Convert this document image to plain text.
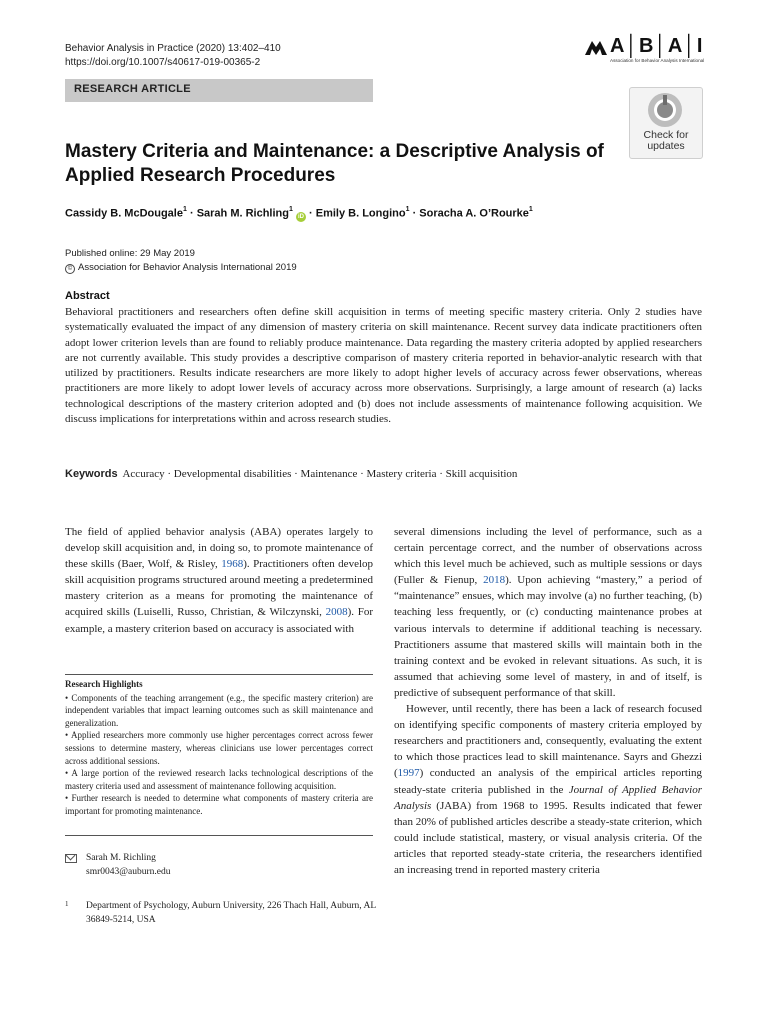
Behavior Analysis in Practice (2020) 13:402–410
https://doi.org/10.1007/s40617-019-00365-2
A│B│A│I
Association for Behavior Analysis International
RESEARCH ARTICLE
Check for
updates
Mastery Criteria and Maintenance: a Descriptive Analysis of Applied Research Procedures
Cassidy B. McDougale$^1$ · Sarah M. Richling$^1$ iD · Emily B. Longino$^1$ · Soracha A. O’Rourke$^1$
Published online: 29 May 2019
© Association for Behavior Analysis International 2019
Abstract
Behavioral practitioners and researchers often define skill acquisition in terms of meeting specific mastery criteria. Only 2 studies have systematically evaluated the impact of any dimension of mastery criteria on skill maintenance. Recent survey data indicate practitioners often adopt lower criterion levels than are found to reliably produce maintenance. Data regarding the mastery criteria adopted by applied researchers are not currently available. This study provides a descriptive comparison of mastery criteria reported in behavior-analytic research with that utilized by practitioners. Results indicate researchers are more likely to adopt higher levels of accuracy across fewer observations, whereas practitioners are more likely to adopt lower levels of accuracy across more observations. Surprisingly, a large amount of research (a) lacks technological descriptions of the mastery criterion adopted and (b) does not include assessments of maintenance following acquisition. We discuss implications for interpretations within and across research studies.
Keywords Accuracy · Developmental disabilities · Maintenance · Mastery criteria · Skill acquisition

The field of applied behavior analysis (ABA) operates largely to develop skill acquisition and, in doing so, to promote maintenance of these skills (Baer, Wolf, & Risley, 1968). Practitioners often develop skill acquisition programs structured around meeting a predetermined mastery criterion as a means for promoting the maintenance of acquired skills (Luiselli, Russo, Christian, & Wilczynski, 2008). For example, a mastery criterion based on accuracy is associated with

Research Highlights

• Components of the teaching arrangement (e.g., the specific mastery criterion) are independent variables that impact learning outcomes such as skill maintenance and generalization.

• Applied researchers more commonly use higher percentages correct across fewer sessions to determine mastery, whereas clinicians use lower percentages correct across additional sessions.

• A large portion of the reviewed research lacks technological descriptions of the mastery criteria used and assessment of maintenance following acquisition.

• Further research is needed to determine what components of mastery criteria are important for promoting maintenance.

Sarah M. Richling
smr0043@auburn.edu
1 Department of Psychology, Auburn University, 226 Thach Hall, Auburn, AL 36849-5214, USA

several dimensions including the level of performance, such as a certain percentage correct, and the number of observations across which this level much be achieved, such as multiple sessions or days (Fuller & Fienup, 2018). Upon achieving “mastery,” a period of “maintenance” ensues, which may involve (a) no further teaching, (b) teaching less frequently, or (c) conducting maintenance probes at various intervals to determine if additional teaching is necessary. Practitioners assume that mastered skills will maintain both in the training context and be evoked in relevant situations. As such, it is assumed that achieving some level of mastery, in and of itself, is predictive of subsequent performance of that skill.

However, until recently, there has been a lack of research focused on identifying specific components of mastery criteria employed by researchers and practitioners and, consequently, evaluating the extent to which those practices lead to skill maintenance. Sayrs and Ghezzi (1997) conducted an analysis of the empirical articles reporting steady-state criteria published in the Journal of Applied Behavior Analysis (JABA) from 1968 to 1995. Results indicated that fewer than 20% of published articles describe a steady-state criterion, which could include statistical, mastery, or visual analysis criteria. Of the articles that reported steady-state criteria, the researchers identified an increasing trend in reported mastery criteria
